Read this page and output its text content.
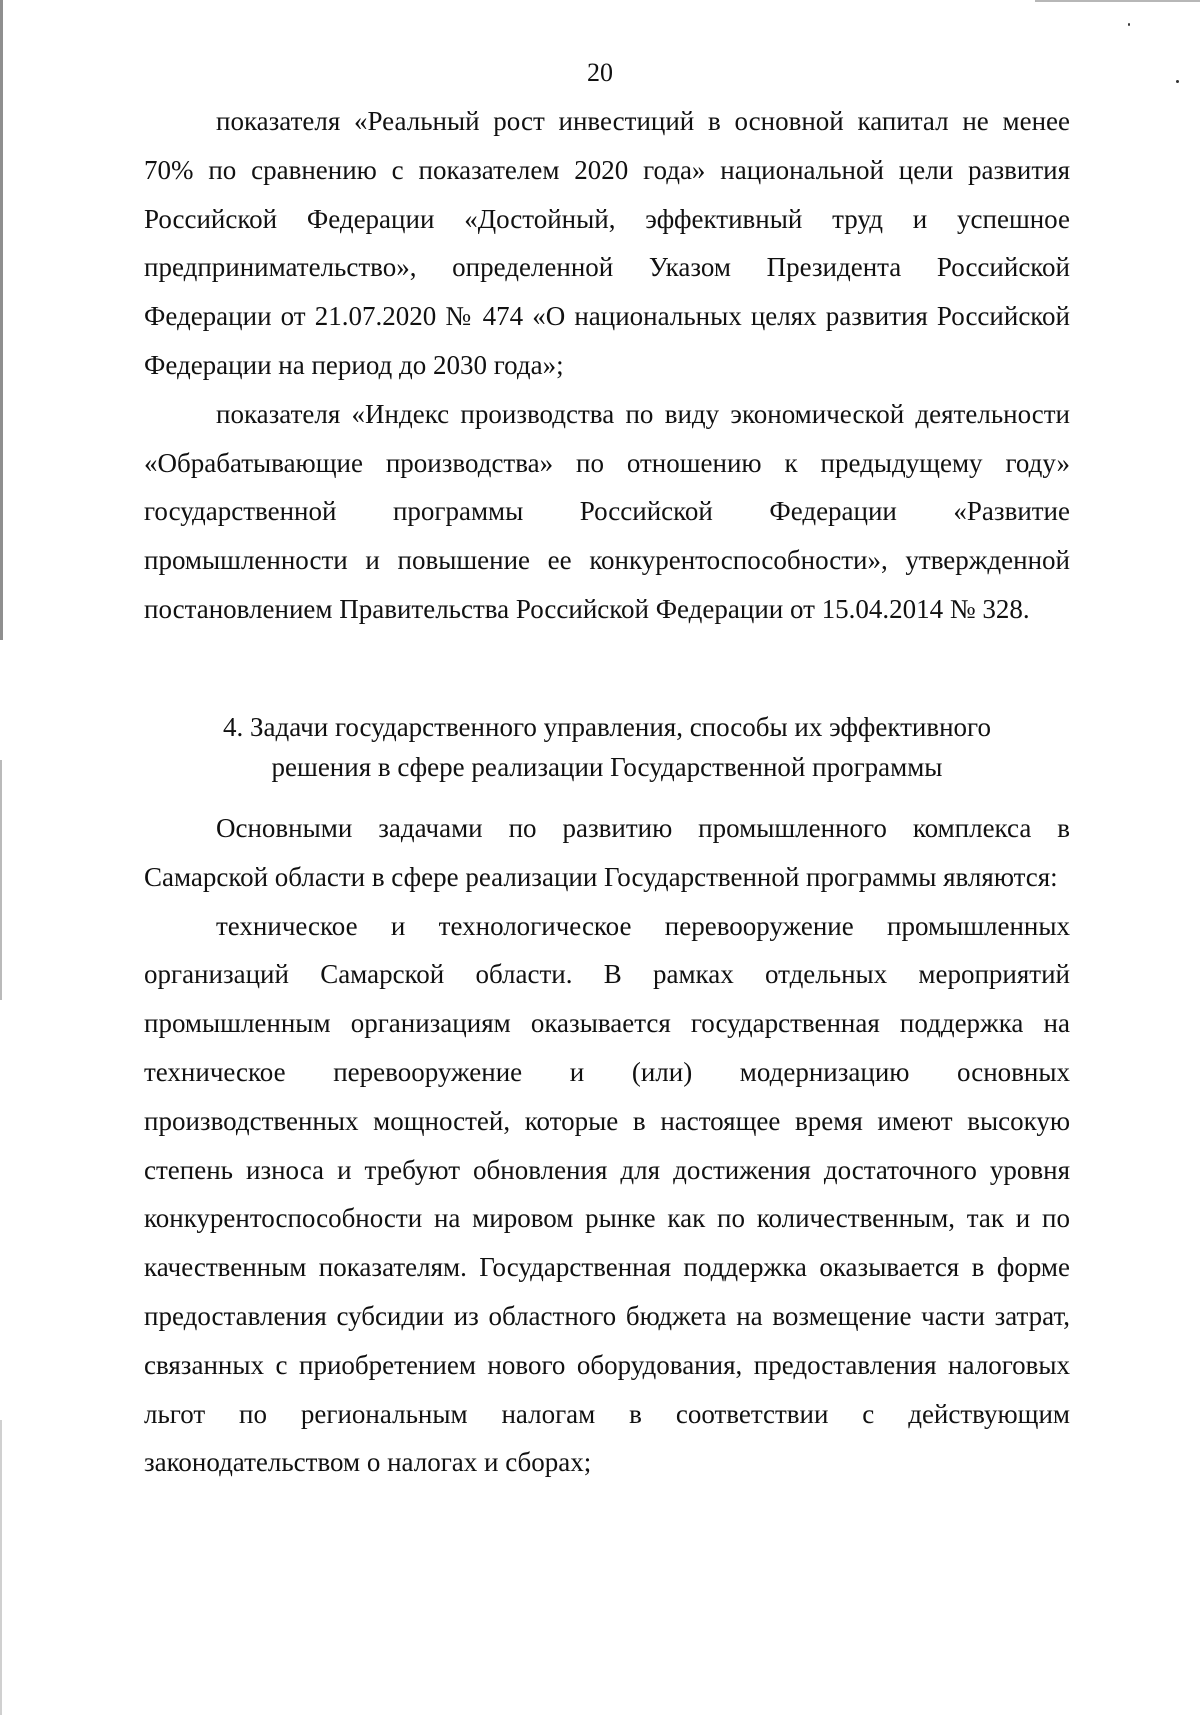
20

показателя «Реальный рост инвестиций в основной капитал не менее 70% по сравнению с показателем 2020 года» национальной цели развития Российской Федерации «Достойный, эффективный труд и успешное предпринимательство», определенной Указом Президента Российской Федерации от 21.07.2020 № 474 «О национальных целях развития Российской Федерации на период до 2030 года»;

показателя «Индекс производства по виду экономической деятельности «Обрабатывающие производства» по отношению к предыдущему году» государственной программы Российской Федерации «Развитие промышленности и повышение ее конкурентоспособности», утвержденной постановлением Правительства Российской Федерации от 15.04.2014 № 328.

4. Задачи государственного управления, способы их эффективного

решения в сфере реализации Государственной программы

Основными задачами по развитию промышленного комплекса в Самарской области в сфере реализации Государственной программы являются:

техническое и технологическое перевооружение промышленных организаций Самарской области. В рамках отдельных мероприятий промышленным организациям оказывается государственная поддержка на техническое перевооружение и (или) модернизацию основных производственных мощностей, которые в настоящее время имеют высокую степень износа и требуют обновления для достижения достаточного уровня конкурентоспособности на мировом рынке как по количественным, так и по качественным показателям. Государственная поддержка оказывается в форме предоставления субсидии из областного бюджета на возмещение части затрат, связанных с приобретением нового оборудования, предоставления налоговых льгот по региональным налогам в соответствии с действующим законодательством о налогах и сборах;
